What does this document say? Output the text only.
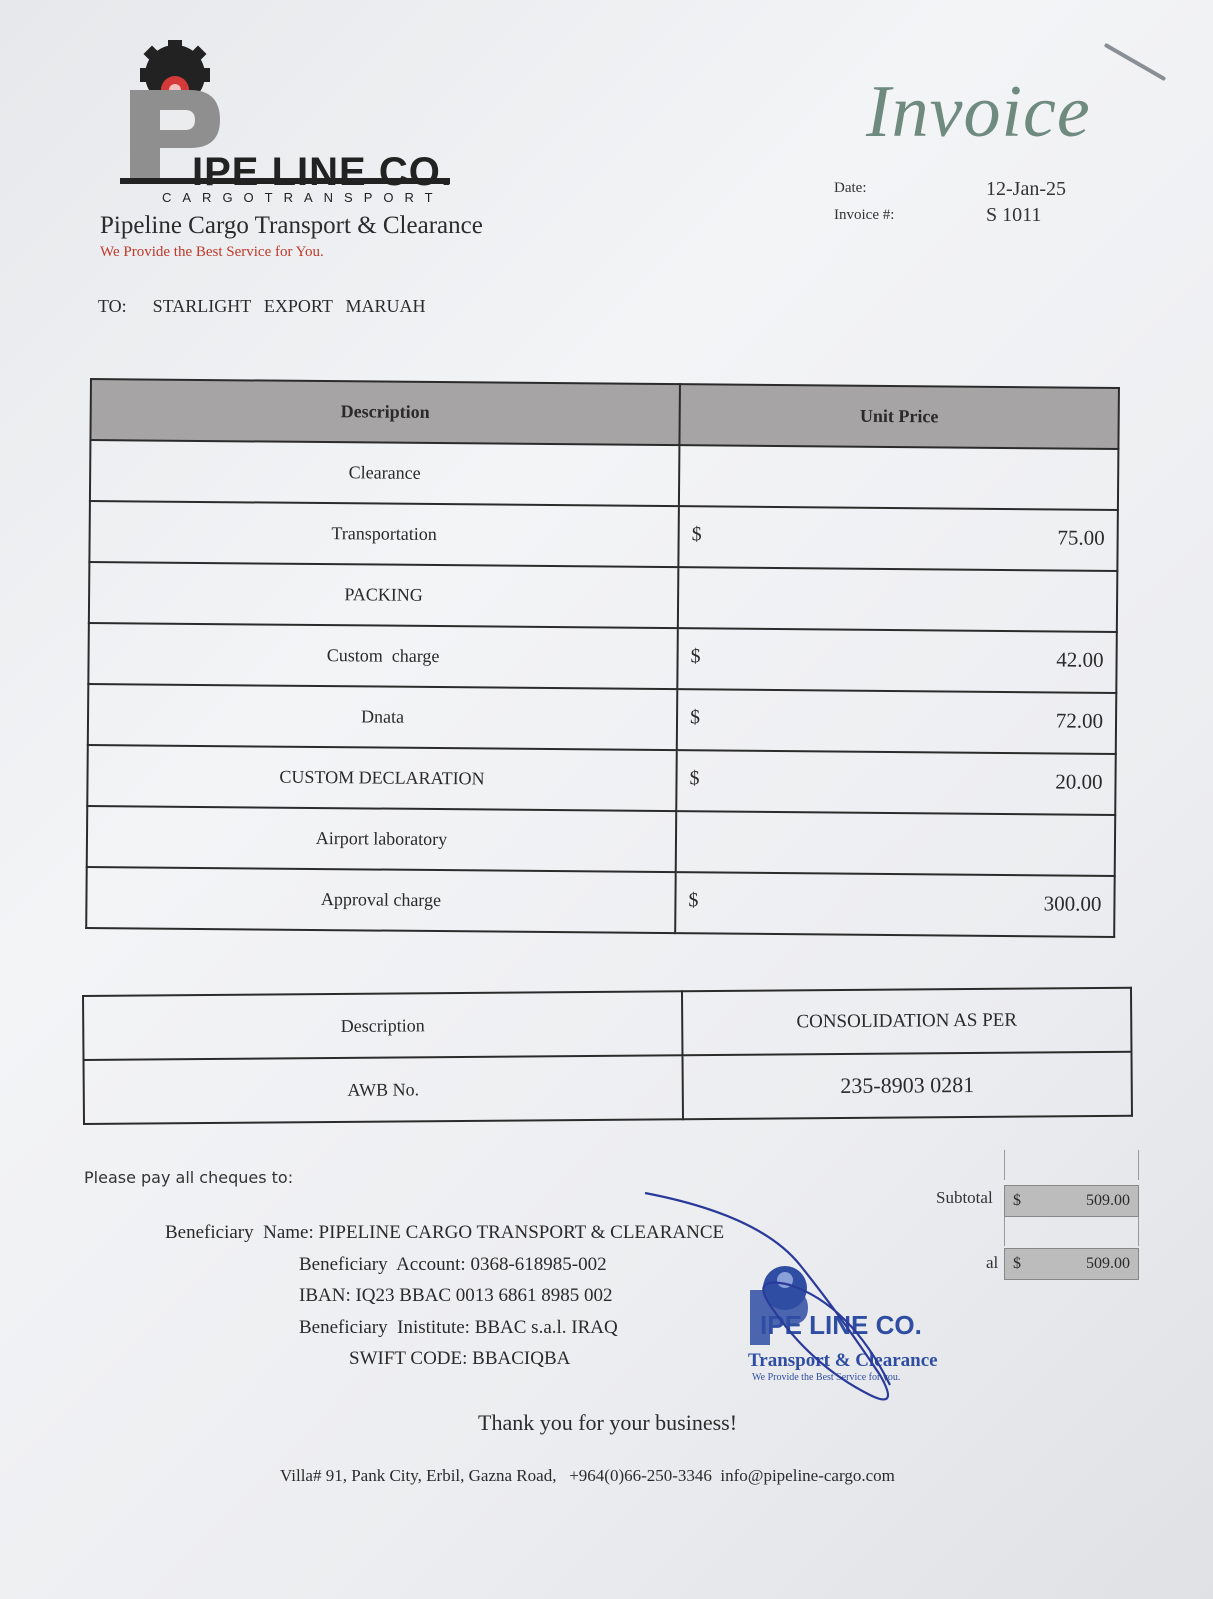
IPE LINE CO.
CARGOTRANSPORT
Pipeline Cargo Transport & Clearance
We Provide the Best Service for You.
Invoice
Date:	12-Jan-25
Invoice #:	S 1011
TO: STARLIGHT  EXPORT  MARUAH
Description	Unit Price
Clearance	

Transportation	$ 75.00

PACKING	

Custom  charge	$ 42.00

Dnata	$ 72.00

CUSTOM DECLARATION	$ 20.00

Airport laboratory	

Approval charge	$ 300.00
Description	CONSOLIDATION AS PER
AWB No.	235-8903 0281
Subtotal $	509.00
al $	509.00
Please pay all cheques to:
Beneficiary  Name: PIPELINE CARGO TRANSPORT & CLEARANCE
Beneficiary  Account: 0368-618985-002
IBAN: IQ23 BBAC 0013 6861 8985 002
Beneficiary  Inistitute: BBAC s.a.l. IRAQ
SWIFT CODE: BBACIQBA
IPE LINE CO.
Transport & Clearance
We Provide the Best Service for you.
Thank you for your business!
Villa# 91, Pank City, Erbil, Gazna Road,   +964(0)66-250-3346  info@pipeline-cargo.com
